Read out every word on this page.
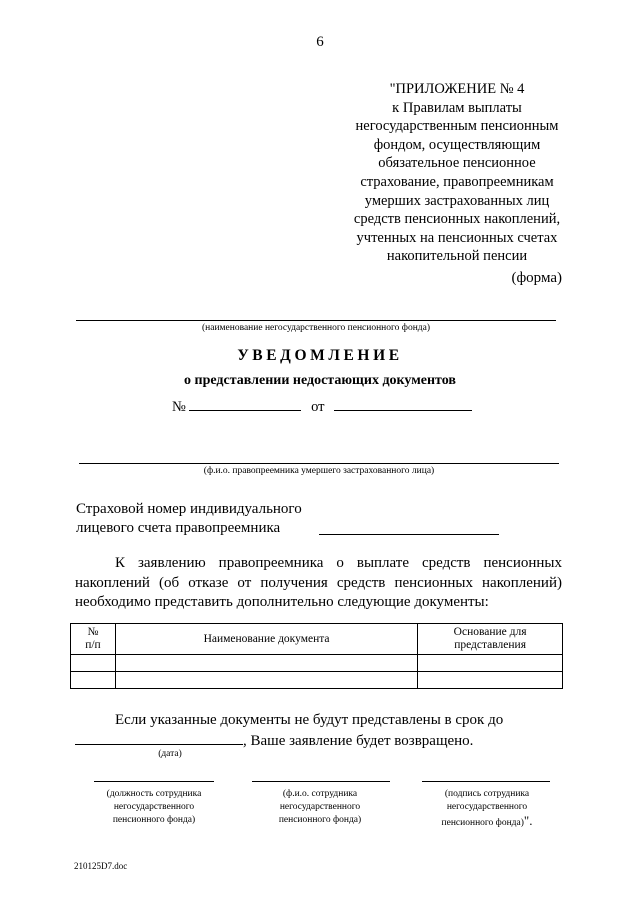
6
"ПРИЛОЖЕНИЕ № 4
к Правилам выплаты
негосударственным пенсионным
фондом, осуществляющим
обязательное пенсионное
страхование, правопреемникам
умерших застрахованных лиц
средств пенсионных накоплений,
учтенных на пенсионных счетах
накопительной пенсии
(форма)
(наименование негосударственного пенсионного фонда)
УВЕДОМЛЕНИЕ
о представлении недостающих документов
№	от
(ф.и.о. правопреемника умершего застрахованного лица)
Страховой номер индивидуального
лицевого счета правопреемника
К заявлению правопреемника о выплате средств пенсионных накоплений (об отказе от получения средств пенсионных накоплений) необходимо представить дополнительно следующие документы:
№
п/п	Наименование документа	Основание для
представления

Если указанные документы не будут представлены в срок до
, Ваше заявление будет возвращено.
(дата)
(должность сотрудника
негосударственного
пенсионного фонда)
(ф.и.о. сотрудника
негосударственного
пенсионного фонда)
(подпись сотрудника
негосударственного
пенсионного фонда)".
210125D7.doc
